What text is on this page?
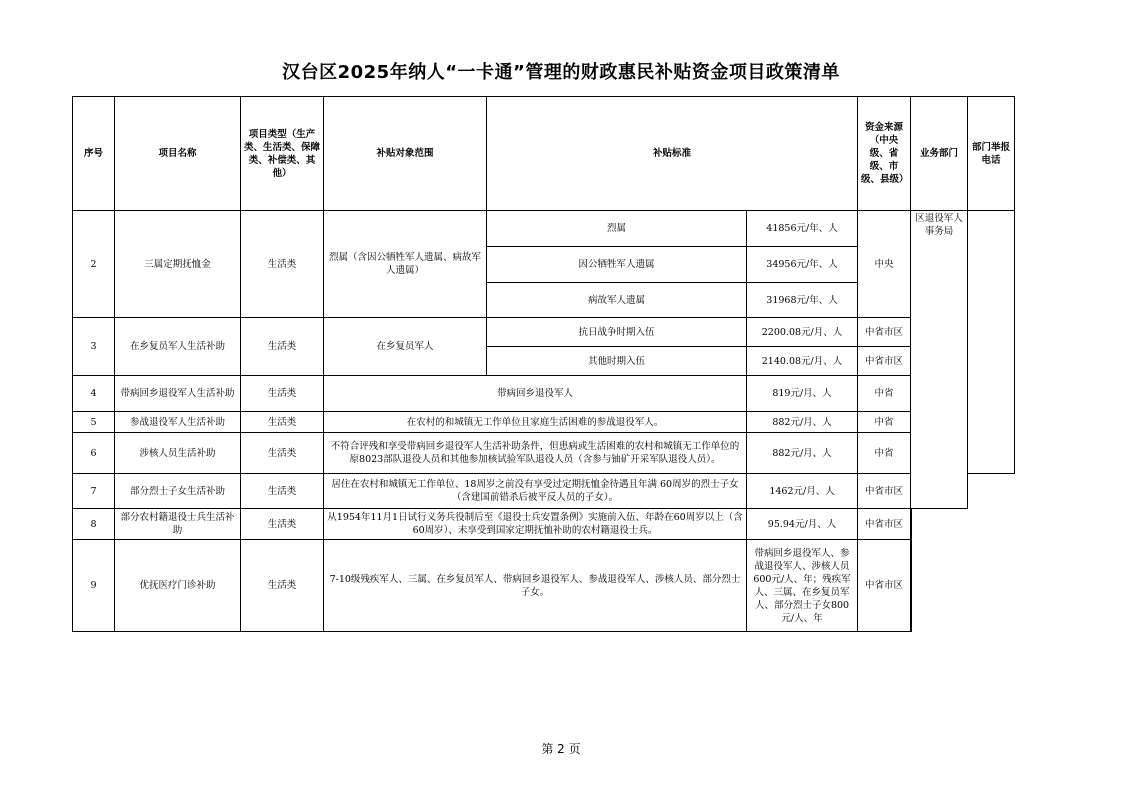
汉台区2025年纳人“一卡通”管理的财政惠民补贴资金项目政策清单
序号	项目名称	项目类型（生产类、生活类、保障类、补偿类、其他）	补贴对象范围	补贴标准		资金来源（中央级、省级、市级、县级）	业务部门	部门举报电话
2	三属定期抚恤金	生活类	烈属（含因公牺牲军人遗属、病故军人遗属）	烈属	41856元/年、人	中央	区退役军人事务局	
				因公牺牲军人遗属	34956元/年、人			
				病故军人遗属	31968元/年、人			
3	在乡复员军人生活补助	生活类	在乡复员军人	抗日战争时期入伍	2200.08元/月、人	中省市区		
				其他时期入伍	2140.08元/月、人	中省市区		
4	带病回乡退役军人生活补助	生活类	带病回乡退役军人		819元/月、人	中省		
5	参战退役军人生活补助	生活类	在农村的和城镇无工作单位且家庭生活困难的参战退役军人。		882元/月、人	中省		
6	涉核人员生活补助	生活类	不符合评残和享受带病回乡退役军人生活补助条件，但患病或生活困难的农村和城镇无工作单位的原8023部队退役人员和其他参加核试验军队退役人员（含参与铀矿开采军队退役人员）。		882元/月、人	中省		
7	部分烈士子女生活补助	生活类	居住在农村和城镇无工作单位、18周岁之前没有享受过定期抚恤金待遇且年满 60周岁的烈士子女（含建国前错杀后被平反人员的子女）。		1462元/月、人	中省市区		
8	部分农村籍退役士兵生活补助	生活类	从1954年11月1日试行义务兵役制后至《退役士兵安置条例》实施前入伍、年龄在60周岁以上（含60周岁）、未享受到国家定期抚恤补助的农村籍退役士兵。		95.94元/月、人	中省市区		
9	优抚医疗门诊补助	生活类	7-10级残疾军人、三属、在乡复员军人、带病回乡退役军人、参战退役军人、涉核人员、部分烈士子女。		带病回乡退役军人、参战退役军人、涉核人员600元/人、年；残疾军人、三属、在乡复员军人、部分烈士子女800元/人、年	中省市区	
第 2 页
